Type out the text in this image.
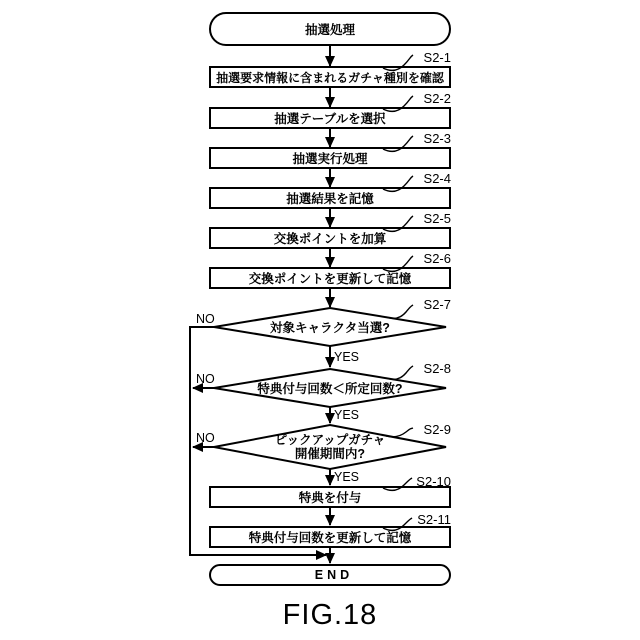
抽選処理
END
抽選要求情報に含まれるガチャ種別を確認
抽選テーブルを選択
抽選実行処理
抽選結果を記憶
交換ポイントを加算
交換ポイントを更新して記憶
特典を付与
特典付与回数を更新して記憶
対象キャラクタ当選?
特典付与回数＜所定回数?
ピックアップガチャ
開催期間内?
S2-1
S2-2
S2-3
S2-4
S2-5
S2-6
S2-7
S2-8
S2-9
S2-10
S2-11
NO
YES
NO
YES
NO
YES
FIG.18
